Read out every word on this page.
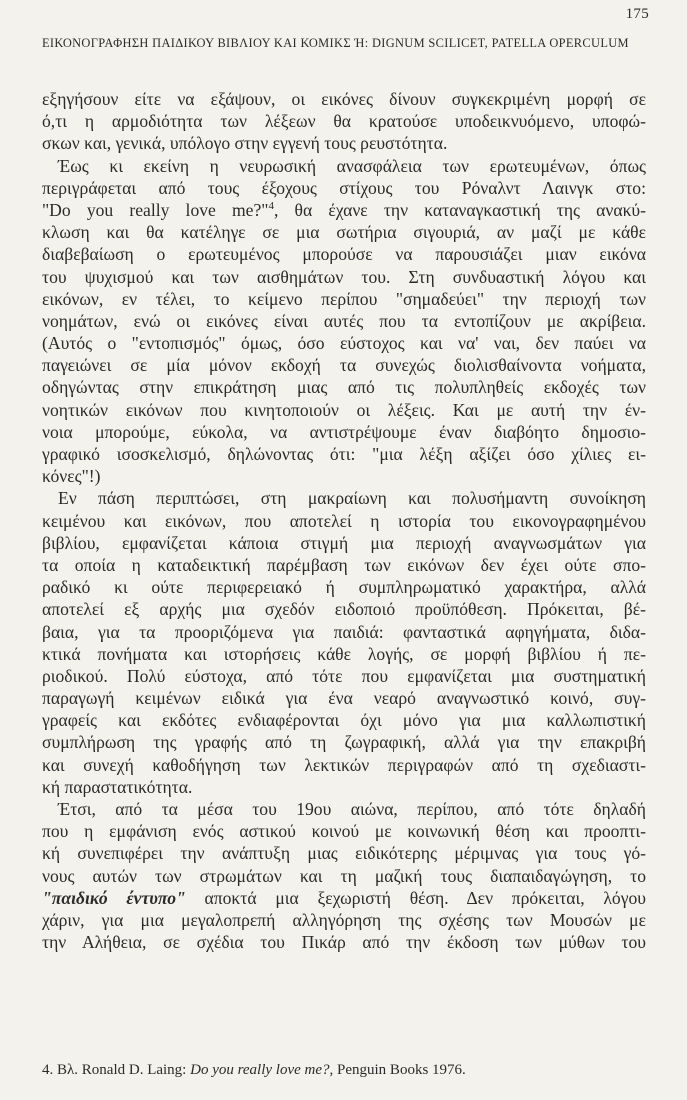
175
ΕΙΚΟΝΟΓΡΑΦΗΣΗ ΠΑΙΔΙΚΟΥ ΒΙΒΛΙΟΥ ΚΑΙ ΚΟΜΙΚΣ Ή: DIGNUM SCILICET, PATELLA OPERCULUM
εξηγήσουν είτε να εξάψουν, οι εικόνες δίνουν συγκεκριμένη μορφή σε
ό,τι η αρμοδιότητα των λέξεων θα κρατούσε υποδεικνυόμενο, υποφώ-
σκων και, γενικά, υπόλογο στην εγγενή τους ρευστότητα.
Έως κι εκείνη η νευρωσική ανασφάλεια των ερωτευμένων, όπως
περιγράφεται από τους έξοχους στίχους του Ρόναλντ Λαινγκ στο:
"Do you really love me?"$^4$, θα έχανε την καταναγκαστική της ανακύ-
κλωση και θα κατέληγε σε μια σωτήρια σιγουριά, αν μαζί με κάθε
διαβεβαίωση ο ερωτευμένος μπορούσε να παρουσιάζει μιαν εικόνα
του ψυχισμού και των αισθημάτων του. Στη συνδυαστική λόγου και
εικόνων, εν τέλει, το κείμενο περίπου "σημαδεύει" την περιοχή των
νοημάτων, ενώ οι εικόνες είναι αυτές που τα εντοπίζουν με ακρίβεια.
(Αυτός ο "εντοπισμός" όμως, όσο εύστοχος και να' ναι, δεν παύει να
παγειώνει σε μία μόνον εκδοχή τα συνεχώς διολισθαίνοντα νοήματα,
οδηγώντας στην επικράτηση μιας από τις πολυπληθείς εκδοχές των
νοητικών εικόνων που κινητοποιούν οι λέξεις. Και με αυτή την έν-
νοια μπορούμε, εύκολα, να αντιστρέψουμε έναν διαβόητο δημοσιο-
γραφικό ισοσκελισμό, δηλώνοντας ότι: "μια λέξη αξίζει όσο χίλιες ει-
κόνες"!)
Εν πάση περιπτώσει, στη μακραίωνη και πολυσήμαντη συνοίκηση
κειμένου και εικόνων, που αποτελεί η ιστορία του εικονογραφημένου
βιβλίου, εμφανίζεται κάποια στιγμή μια περιοχή αναγνωσμάτων για
τα οποία η καταδεικτική παρέμβαση των εικόνων δεν έχει ούτε σπο-
ραδικό κι ούτε περιφερειακό ή συμπληρωματικό χαρακτήρα, αλλά
αποτελεί εξ αρχής μια σχεδόν ειδοποιό προϋπόθεση. Πρόκειται, βέ-
βαια, για τα προοριζόμενα για παιδιά: φανταστικά αφηγήματα, διδα-
κτικά πονήματα και ιστορήσεις κάθε λογής, σε μορφή βιβλίου ή πε-
ριοδικού. Πολύ εύστοχα, από τότε που εμφανίζεται μια συστηματική
παραγωγή κειμένων ειδικά για ένα νεαρό αναγνωστικό κοινό, συγ-
γραφείς και εκδότες ενδιαφέρονται όχι μόνο για μια καλλωπιστική
συμπλήρωση της γραφής από τη ζωγραφική, αλλά για την επακριβή
και συνεχή καθοδήγηση των λεκτικών περιγραφών από τη σχεδιαστι-
κή παραστατικότητα.
Έτσι, από τα μέσα του 19ου αιώνα, περίπου, από τότε δηλαδή
που η εμφάνιση ενός αστικού κοινού με κοινωνική θέση και προοπτι-
κή συνεπιφέρει την ανάπτυξη μιας ειδικότερης μέριμνας για τους γό-
νους αυτών των στρωμάτων και τη μαζική τους διαπαιδαγώγηση, το
"παιδικό έντυπο" αποκτά μια ξεχωριστή θέση. Δεν πρόκειται, λόγου
χάριν, για μια μεγαλοπρεπή αλληγόρηση της σχέσης των Μουσών με
την Αλήθεια, σε σχέδια του Πικάρ από την έκδοση των μύθων του
4. Βλ. Ronald D. Laing: Do you really love me?, Penguin Books 1976.
